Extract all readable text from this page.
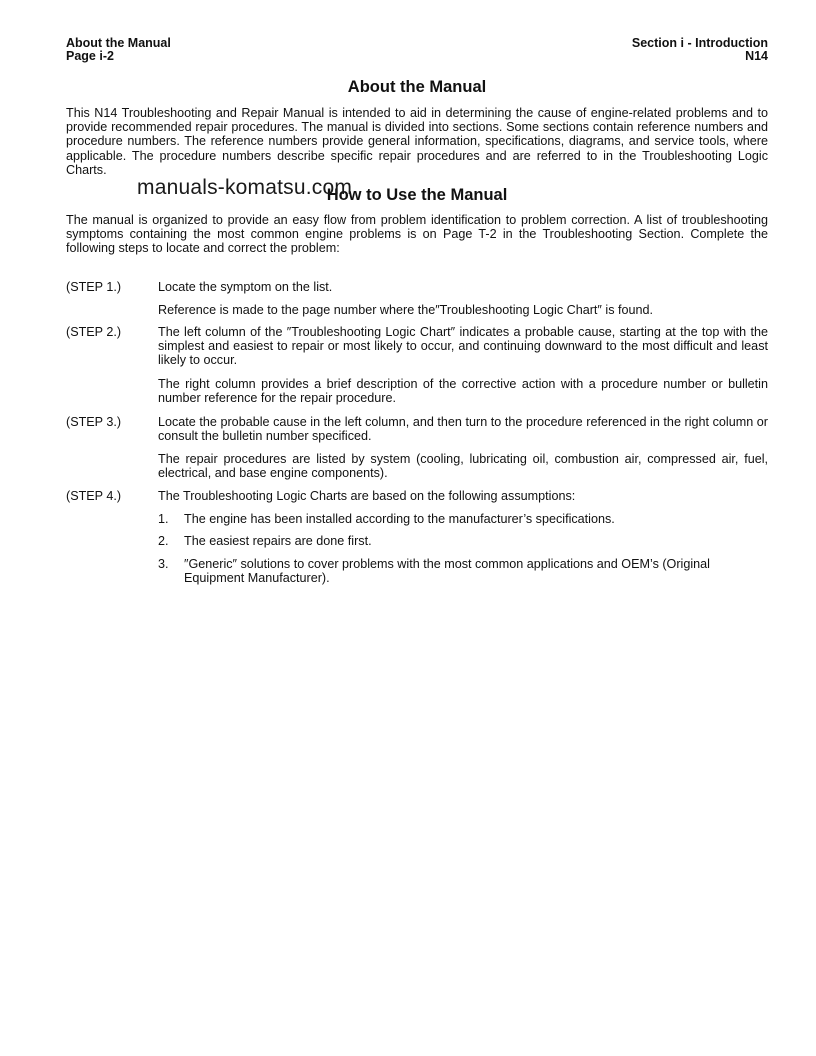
About the Manual
Page i-2
Section i - Introduction
N14
About the Manual

This N14 Troubleshooting and Repair Manual is intended to aid in determining the cause of engine-related problems and to provide recommended repair procedures. The manual is divided into sections. Some sections contain reference numbers and procedure numbers. The reference numbers provide general information, specifications, diagrams, and service tools, where applicable. The procedure numbers describe specific repair procedures and are referred to in the Troubleshooting Logic Charts.

How to Use the Manual
manuals-komatsu.com

The manual is organized to provide an easy flow from problem identification to problem correction. A list of troubleshooting symptoms containing the most common engine problems is on Page T-2 in the Troubleshooting Section. Complete the following steps to locate and correct the problem:

(STEP 1.)	Locate the symptom on the list.

Reference is made to the page number where the″Troubleshooting Logic Chart″ is found.

(STEP 2.)	The left column of the ″Troubleshooting Logic Chart″ indicates a probable cause, starting at the top with the simplest and easiest to repair or most likely to occur, and continuing downward to the most difficult and least likely to occur.

The right column provides a brief description of the corrective action with a procedure number or bulletin number reference for the repair procedure.

(STEP 3.)	Locate the probable cause in the left column, and then turn to the procedure referenced in the right column or consult the bulletin number specificed.

The repair procedures are listed by system (cooling, lubricating oil, combustion air, compressed air, fuel, electrical, and base engine components).

(STEP 4.)	The Troubleshooting Logic Charts are based on the following assumptions:

1. The engine has been installed according to the manufacturer’s specifications.

2. The easiest repairs are done first.

3. ″Generic″ solutions to cover problems with the most common applications and OEM’s (Original Equipment Manufacturer).
